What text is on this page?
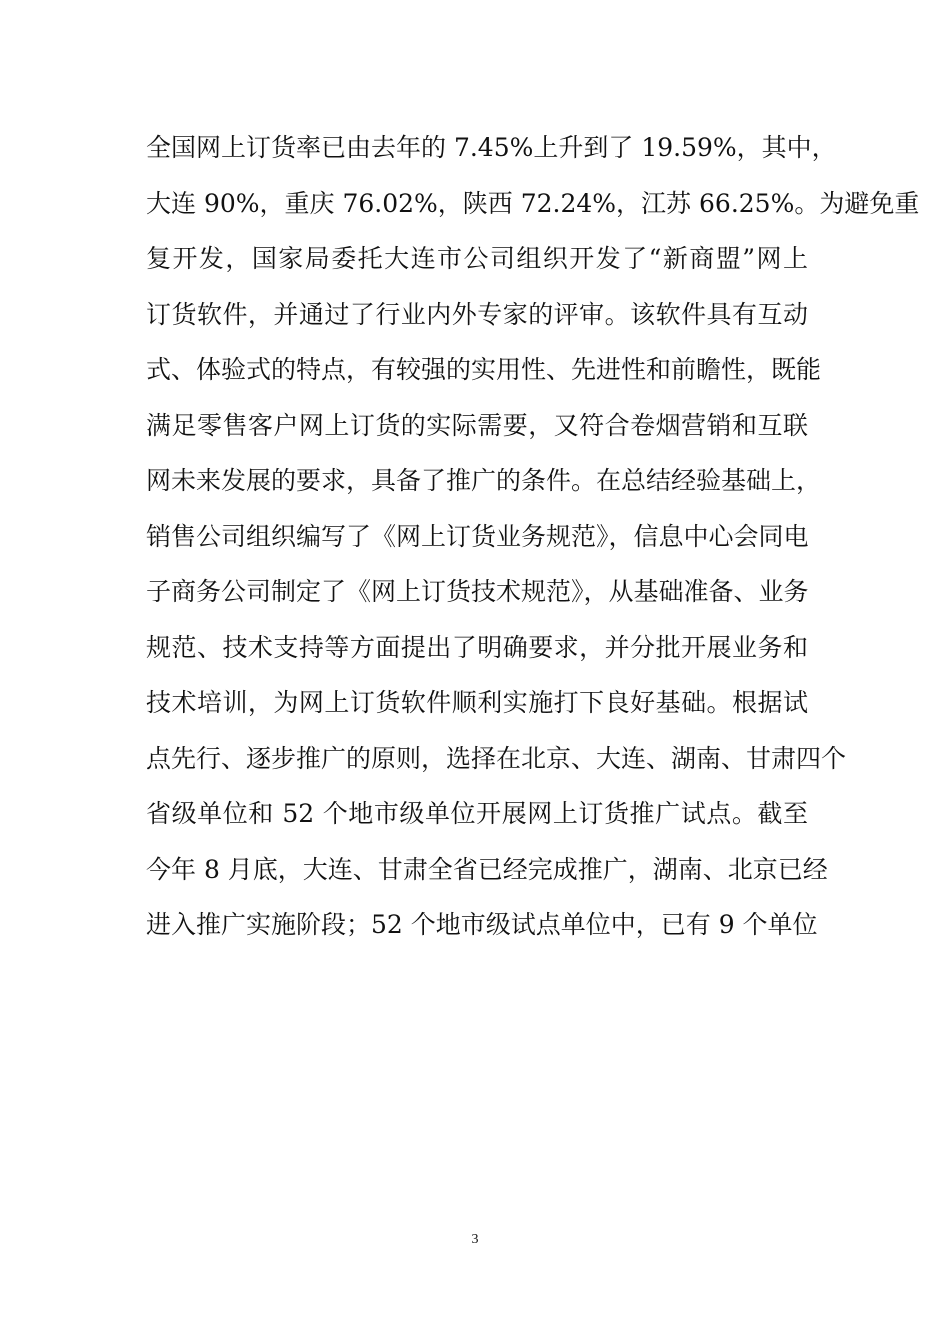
全国网上订货率已由去年的 7.45%上升到了 19.59%，其中，
大连 90%，重庆 76.02%，陕西 72.24%，江苏 66.25%。为避免重
复开发，国家局委托大连市公司组织开发了“新商盟”网上
订货软件，并通过了行业内外专家的评审。该软件具有互动
式、体验式的特点，有较强的实用性、先进性和前瞻性，既能
满足零售客户网上订货的实际需要，又符合卷烟营销和互联
网未来发展的要求，具备了推广的条件。在总结经验基础上，
销售公司组织编写了《网上订货业务规范》，信息中心会同电
子商务公司制定了《网上订货技术规范》，从基础准备、业务
规范、技术支持等方面提出了明确要求，并分批开展业务和
技术培训，为网上订货软件顺利实施打下良好基础。根据试
点先行、逐步推广的原则，选择在北京、大连、湖南、甘肃四个
省级单位和 52 个地市级单位开展网上订货推广试点。截至
今年 8 月底，大连、甘肃全省已经完成推广，湖南、北京已经
进入推广实施阶段；52 个地市级试点单位中，已有 9 个单位
3
